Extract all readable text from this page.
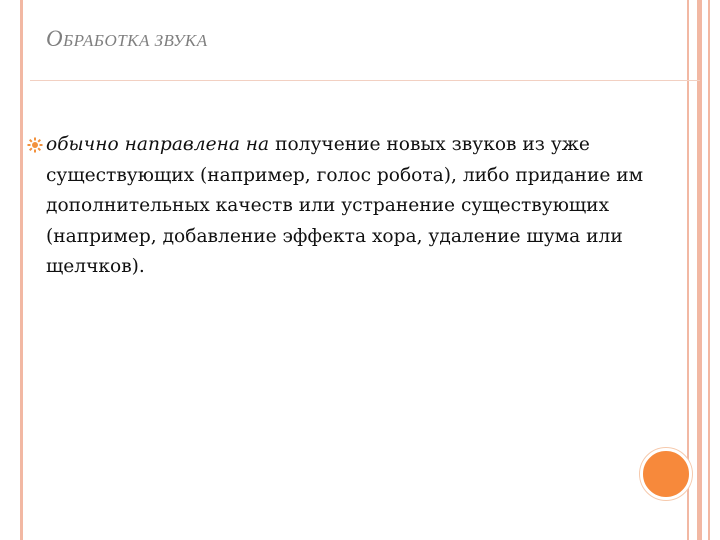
ОБРАБОТКА ЗВУКА
обычно направлена на получение новых звуков из уже существующих (например, голос робота), либо придание им дополнительных качеств или устранение существующих (например, добавление эффекта хора, удаление шума или щелчков).
